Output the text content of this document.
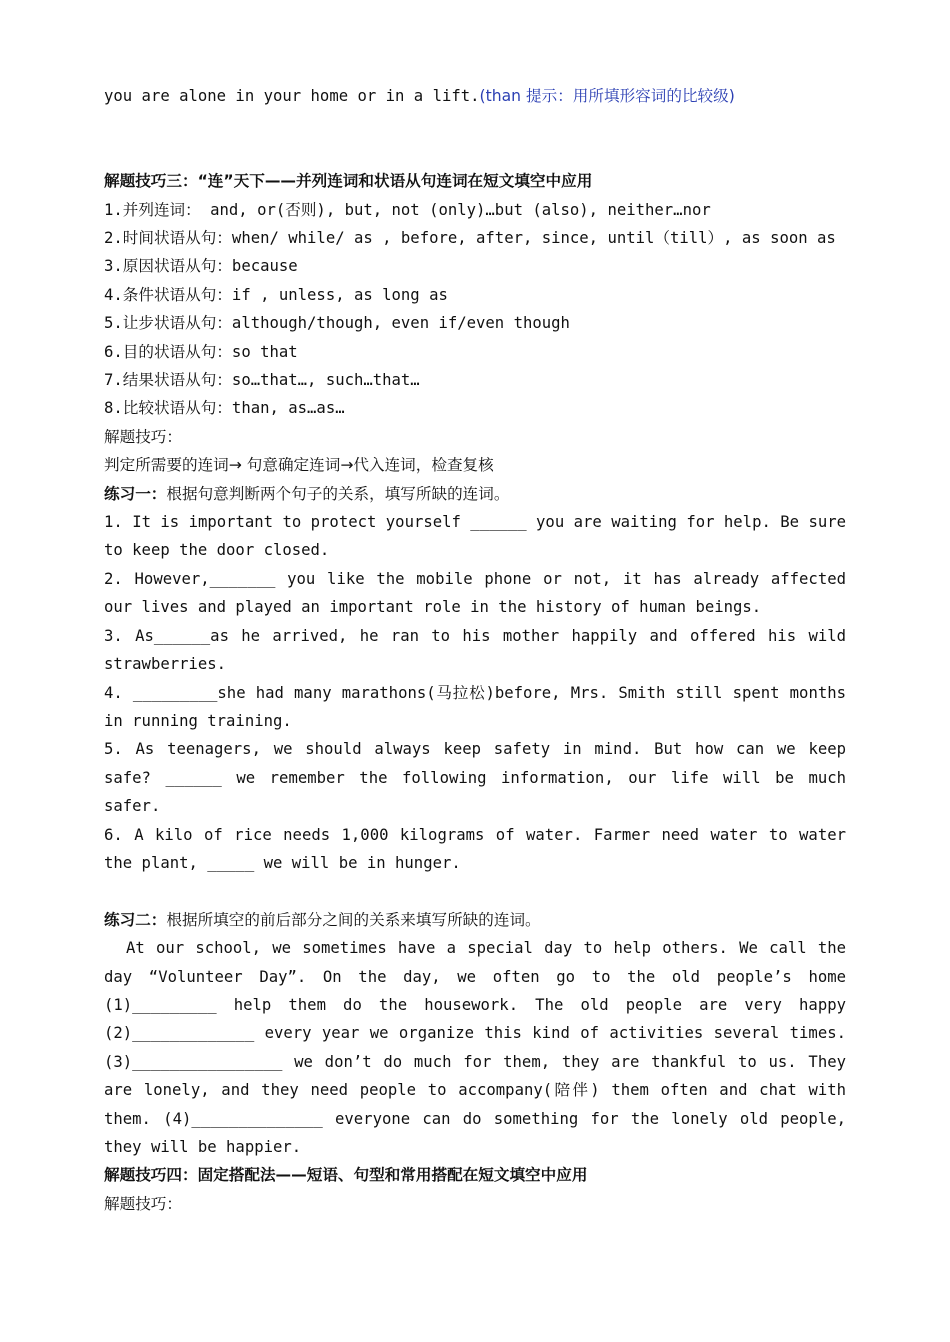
you are alone in your home or in a lift.(than 提示：用所填形容词的比较级)
解题技巧三：“连”天下——并列连词和状语从句连词在短文填空中应用
1.并列连词： and, or(否则), but, not (only)…but (also), neither…nor
2.时间状语从句：when/ while/ as , before, after, since, until（till）, as soon as
3.原因状语从句：because
4.条件状语从句：if , unless, as long as
5.让步状语从句：although/though, even if/even though
6.目的状语从句：so that
7.结果状语从句：so…that…, such…that…
8.比较状语从句：than, as…as…
解题技巧：
判定所需要的连词→ 句意确定连词→代入连词，检查复核
练习一：根据句意判断两个句子的关系，填写所缺的连词。
1. It is important to protect yourself ______ you are waiting for help. Be sure to keep the door closed.
2. However,_______ you like the mobile phone or not, it has already affected our lives and played an important role in the history of human beings.
3. As______as he arrived, he ran to his mother happily and offered his wild strawberries.
4. _________she had many marathons(马拉松)before, Mrs. Smith still spent months in running training.
5. As teenagers, we should always keep safety in mind. But how can we keep safe? ______ we remember the following information, our life will be much safer.
6. A kilo of rice needs 1,000 kilograms of water. Farmer need water to water the plant, _____ we will be in hunger.
练习二：根据所填空的前后部分之间的关系来填写所缺的连词。
At our school, we sometimes have a special day to help others. We call the day “Volunteer Day”. On the day, we often go to the old people’s home (1)_________ help them do the housework. The old people are very happy (2)_____________ every year we organize this kind of activities several times. (3)________________ we don’t do much for them, they are thankful to us. They are lonely, and they need people to accompany(陪伴) them often and chat with them. (4)______________ everyone can do something for the lonely old people, they will be happier.
解题技巧四：固定搭配法——短语、句型和常用搭配在短文填空中应用
解题技巧：
